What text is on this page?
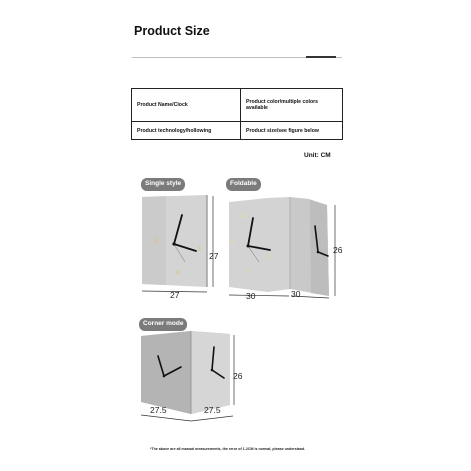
Product Size
Product Name/Clock	Product color/multiple colors available
Product technology/hollowing	Product size/see figure below
Unit: CM
Single style
9
3
6
27
27
Foldable
12
9
3
6
30	30
26
Corner mode
27.5	27.5
26
*The above are all manual measurements, the error of 1-2CM is normal, please understand.
